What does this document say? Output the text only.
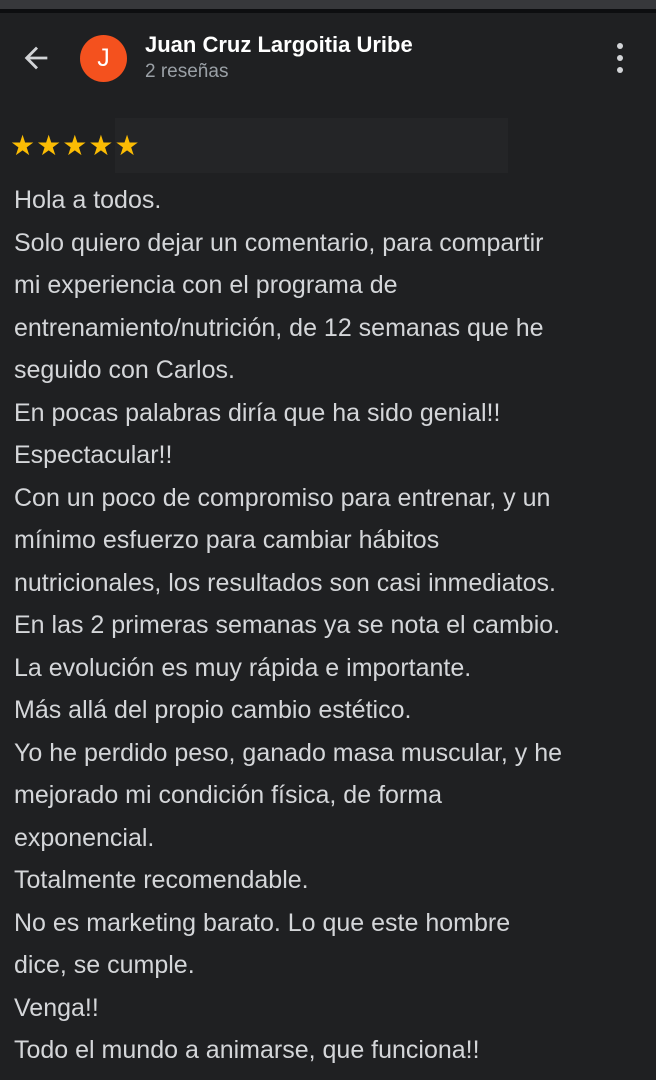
J Juan Cruz Largoitia Uribe
2 reseñas
★★★★★
Hola a todos.
Solo quiero dejar un comentario, para compartir
mi experiencia con el programa de
entrenamiento/nutrición, de 12 semanas que he
seguido con Carlos.
En pocas palabras diría que ha sido genial!!
Espectacular!!
Con un poco de compromiso para entrenar, y un
mínimo esfuerzo para cambiar hábitos
nutricionales, los resultados son casi inmediatos.
En las 2 primeras semanas ya se nota el cambio.
La evolución es muy rápida e importante.
Más allá del propio cambio estético.
Yo he perdido peso, ganado masa muscular, y he
mejorado mi condición física, de forma
exponencial.
Totalmente recomendable.
No es marketing barato. Lo que este hombre
dice, se cumple.
Venga!!
Todo el mundo a animarse, que funciona!!
